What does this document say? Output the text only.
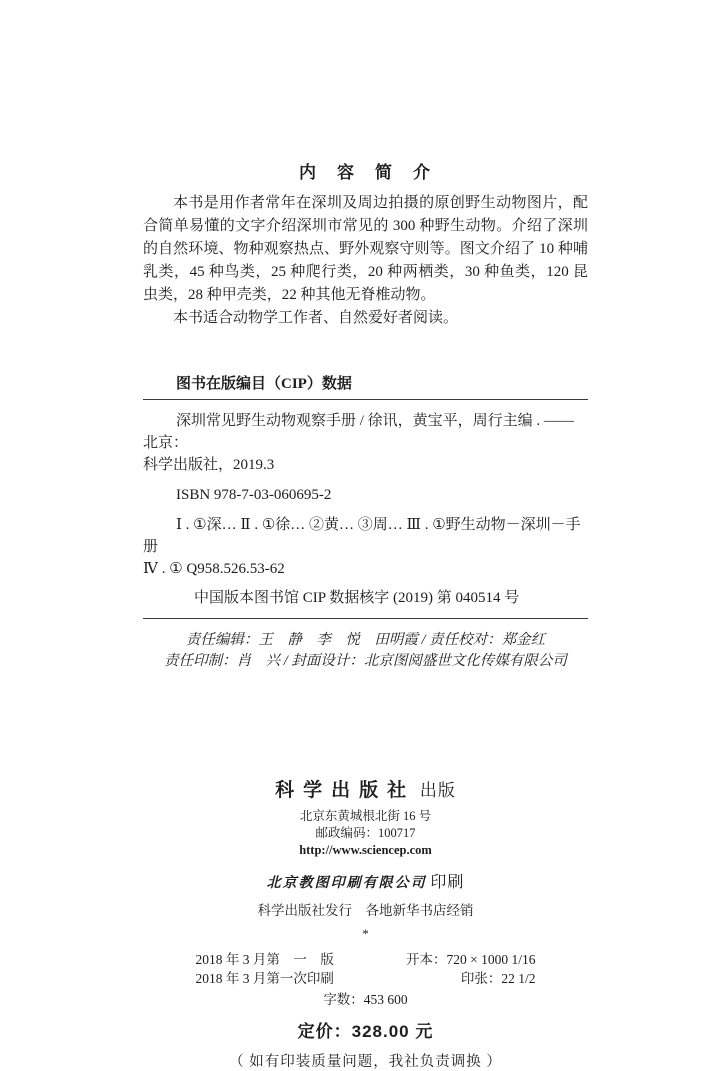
内　容　简　介

本书是用作者常年在深圳及周边拍摄的原创野生动物图片，配合简单易懂的文字介绍深圳市常见的 300 种野生动物。介绍了深圳的自然环境、物种观察热点、野外观察守则等。图文介绍了 10 种哺乳类，45 种鸟类，25 种爬行类，20 种两栖类，30 种鱼类，120 昆虫类，28 种甲壳类，22 种其他无脊椎动物。

本书适合动物学工作者、自然爱好者阅读。

图书在版编目（CIP）数据

深圳常见野生动物观察手册 / 徐讯，黄宝平，周行主编 . —— 北京：

科学出版社，2019.3

ISBN 978-7-03-060695-2

Ⅰ . ①深… Ⅱ . ①徐… ②黄… ③周… Ⅲ . ①野生动物－深圳－手册

Ⅳ . ① Q958.526.53-62

中国版本图书馆 CIP 数据核字 (2019) 第 040514 号

责任编辑：王　静　李　悦　田明霞 / 责任校对：郑金红

责任印制：肖　兴 / 封面设计：北京图阅盛世文化传媒有限公司

科学出版社 出版

北京东黄城根北街 16 号

邮政编码：100717

http://www.sciencep.com

北京教图印刷有限公司 印刷
科学出版社发行　各地新华书店经销
*
2018 年 3 月第　一　版	开本：720 × 1000 1/16
2018 年 3 月第一次印刷	印张：22 1/2
字数：453 600
定价：328.00 元
（ 如有印装质量问题，我社负责调换 ）
